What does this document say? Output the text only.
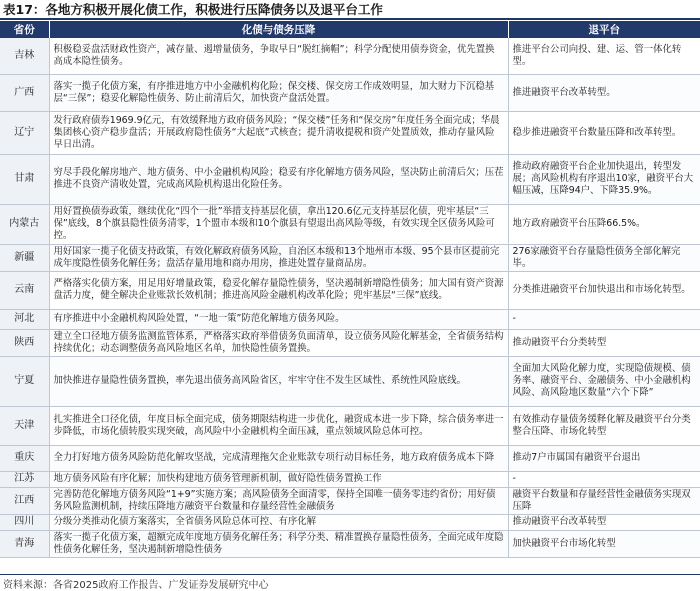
表17：各地方积极开展化债工作，积极进行压降债务以及退平台工作
省份	化债与债务压降	退平台
吉林	积极稳妥盘活财政性资产，减存量、遏增量债务，争取早日“脱红摘帽”；科学分配使用债券资金，优先置换高成本隐性债务。	推进平台公司向投、建、运、管一体化转型。
广西	落实一揽子化债方案，有序推进地方中小金融机构化险；保交楼、保交房工作成效明显，加大财力下沉稳基层“三保”；稳妥化解隐性债务、防止前清后欠，加快资产盘活处置。	推进融资平台改革转型。
辽宁	发行政府债券1969.9亿元，有效缓释地方政府债务风险；“保交楼”任务和“保交房”年度任务全面完成；华晨集团核心资产稳步盘活；开展政府隐性债务“大起底”式核查；提升清收提税和资产处置质效，推动存量风险早日出清。	稳步推进融资平台数量压降和改革转型。
甘肃	穷尽手段化解房地产、地方债务、中小金融机构风险；稳妥有序化解地方债务风险，坚决防止前清后欠；压茬推进不良资产清收处置，完成高风险机构退出化险任务。	推动政府融资平台企业加快退出，转型发展；高风险机构有序退出10家，融资平台大幅压减，压降94户、下降35.9%。
内蒙古	用好置换债券政策，继续优化“四个一批”举措支持基层化债，拿出120.6亿元支持基层化债，兜牢基层“三保”底线，8个旗县隐性债务清零，1个盟市本级和10个旗县有望退出高风险等级，有效实现全区债务风险可控。	地方政府融资平台压降66.5%。
新疆	用好国家一揽子化债支持政策，有效化解政府债务风险，自治区本级和13个地州市本级、95个县市区提前完成年度隐性债务化解任务；盘活存量用地和商办用房，推进处置存量商品房。	276家融资平台存量隐性债务全部化解完毕。
云南	严格落实化债方案，用足用好增量政策，稳妥化解存量隐性债务，坚决遏制新增隐性债务；加大国有资产资源盘活力度，健全解决企业账款长效机制；推进高风险金融机构改革化险；兜牢基层“三保”底线。	分类推进融资平台加快退出和市场化转型。
河北	有序推进中小金融机构风险处置，“一地一策”防范化解地方债务风险。	-
陕西	建立全口径地方债务监测监管体系，严格落实政府举借债务负面清单，设立债务风险化解基金，全省债务结构持续优化；动态调整债务高风险地区名单，加快隐性债务置换。	推动融资平台分类转型
宁夏	加快推进存量隐性债务置换，率先退出债务高风险省区，牢牢守住不发生区域性、系统性风险底线。	全面加大风险化解力度，实现隐债规模、债务率、融资平台、金融债务、中小金融机构风险、高风险地区数量“六个下降”
天津	扎实推进全口径化债，年度目标全面完成，债务期限结构进一步优化，融资成本进一步下降，综合债务率进一步降低，市场化债转股实现突破，高风险中小金融机构全面压减，重点领域风险总体可控。	有效推动存量债务缓释化解及融资平台分类整合压降、市场化转型
重庆	全力打好地方债务风险防范化解攻坚战，完成清理拖欠企业账款专项行动目标任务，地方政府债务成本下降	推动7户市属国有融资平台退出
江苏	地方债务风险有序化解；加快构建地方债务管理新机制，做好隐性债务置换工作	-
江西	完善防范化解地方债务风险“1+9”实施方案；高风险债务全面清零，保持全国唯一债务零违约省份；用好债务风险监测机制，持续压降地方融资平台数量和存量经营性金融债务	融资平台数量和存量经营性金融债务实现双压降
四川	分级分类推动化债方案落实，全省债务风险总体可控、有序化解	推动融资平台改革转型
青海	落实一揽子化债方案，超额完成年度地方债务化解任务；科学分类、精准置换存量隐性债务，全面完成年度隐性债务化解任务，坚决遏制新增隐性债务	加快融资平台市场化转型
资料来源：各省2025政府工作报告、广发证券发展研究中心
